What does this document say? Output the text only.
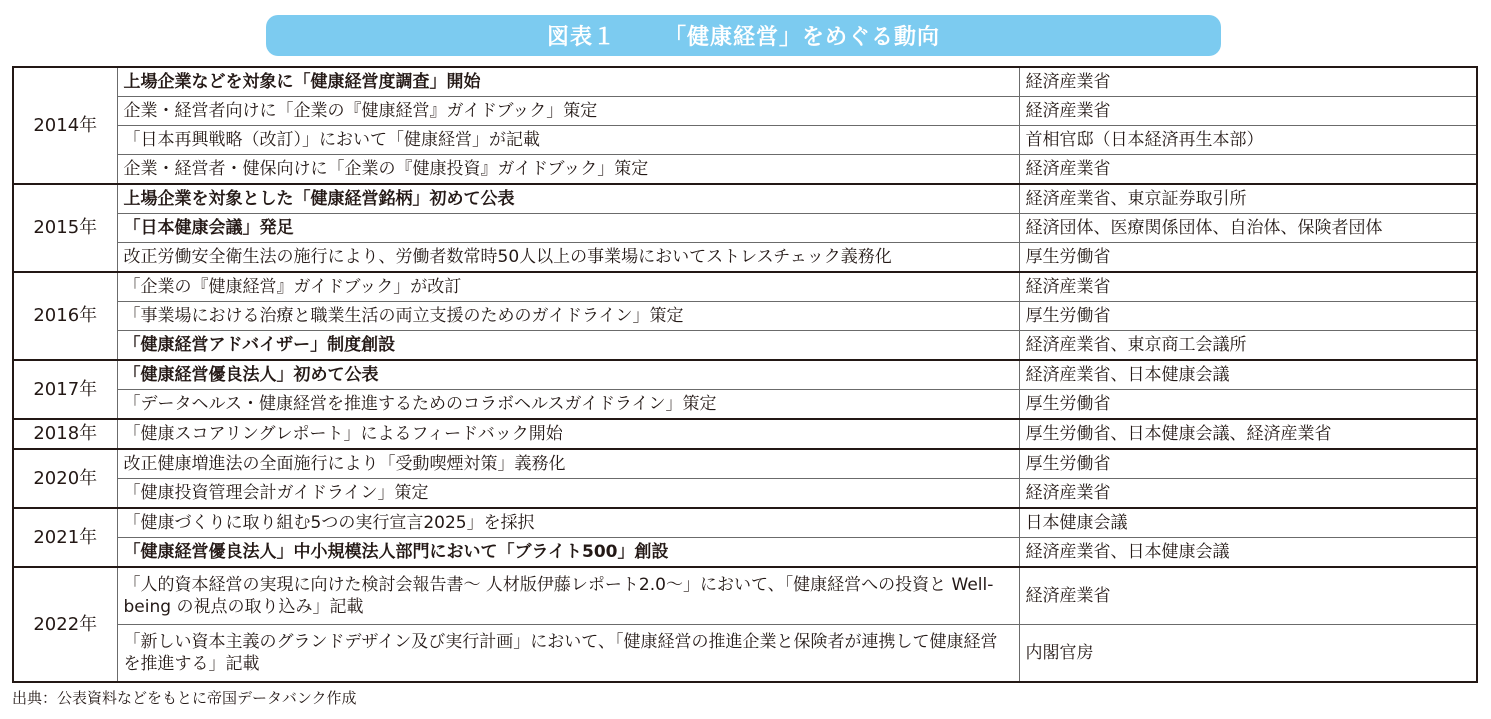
図表１ 「健康経営」をめぐる動向
2014年	上場企業などを対象に「健康経営度調査」開始	経済産業省
	企業・経営者向けに「企業の『健康経営』ガイドブック」策定	経済産業省
	「日本再興戦略（改訂）」において「健康経営」が記載	首相官邸（日本経済再生本部）
	企業・経営者・健保向けに「企業の『健康投資』ガイドブック」策定	経済産業省
2015年	上場企業を対象とした「健康経営銘柄」初めて公表	経済産業省、東京証券取引所
	「日本健康会議」発足	経済団体、医療関係団体、自治体、保険者団体
	改正労働安全衛生法の施行により、労働者数常時50人以上の事業場においてストレスチェック義務化	厚生労働省
2016年	「企業の『健康経営』ガイドブック」が改訂	経済産業省
	「事業場における治療と職業生活の両立支援のためのガイドライン」策定	厚生労働省
	「健康経営アドバイザー」制度創設	経済産業省、東京商工会議所
2017年	「健康経営優良法人」初めて公表	経済産業省、日本健康会議
	「データヘルス・健康経営を推進するためのコラボヘルスガイドライン」策定	厚生労働省
2018年	「健康スコアリングレポート」によるフィードバック開始	厚生労働省、日本健康会議、経済産業省
2020年	改正健康増進法の全面施行により「受動喫煙対策」義務化	厚生労働省
	「健康投資管理会計ガイドライン」策定	経済産業省
2021年	「健康づくりに取り組む5つの実行宣言2025」を採択	日本健康会議
	「健康経営優良法人」中小規模法人部門において「ブライト500」創設	経済産業省、日本健康会議
2022年	「人的資本経営の実現に向けた検討会報告書～ 人材版伊藤レポート2.0～」において、「健康経営への投資と Well-being の視点の取り込み」記載	経済産業省
	「新しい資本主義のグランドデザイン及び実行計画」において、「健康経営の推進企業と保険者が連携して健康経営を推進する」記載	内閣官房
出典：公表資料などをもとに帝国データバンク作成
